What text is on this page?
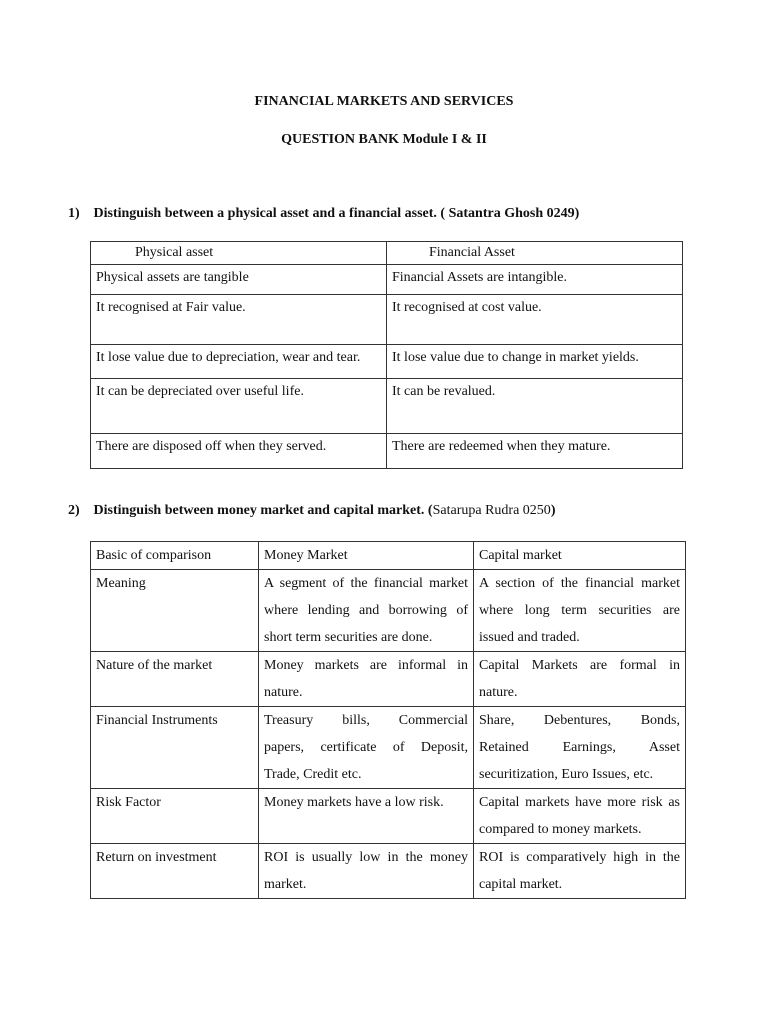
FINANCIAL MARKETS AND SERVICES
QUESTION BANK Module I & II
1) Distinguish between a physical asset and a financial asset. ( Satantra Ghosh 0249)
Physical asset	Financial Asset
Physical assets are tangible	Financial Assets are intangible.
It recognised at Fair value.	It recognised at cost value.
It lose value due to depreciation, wear and tear.	It lose value due to change in market yields.
It can be depreciated over useful life.	It can be revalued.
There are disposed off when they served.	There are redeemed when they mature.
2) Distinguish between money market and capital market. (Satarupa Rudra 0250)
Basic of comparison	Money Market	Capital market
Meaning	A segment of the financial market
where lending and borrowing of
short term securities are done.	A section of the financial market
where long term securities are
issued and traded.

Nature of the market	Money markets are informal in
nature.	Capital Markets are formal in
nature.

Financial Instruments	Treasury bills, Commercial
papers, certificate of Deposit,
Trade, Credit etc.	Share, Debentures, Bonds,
Retained Earnings, Asset
securitization, Euro Issues, etc.

Risk Factor	Money markets have a low risk.	Capital markets have more risk as
compared to money markets.

Return on investment	ROI is usually low in the money
market.	ROI is comparatively high in the
capital market.
